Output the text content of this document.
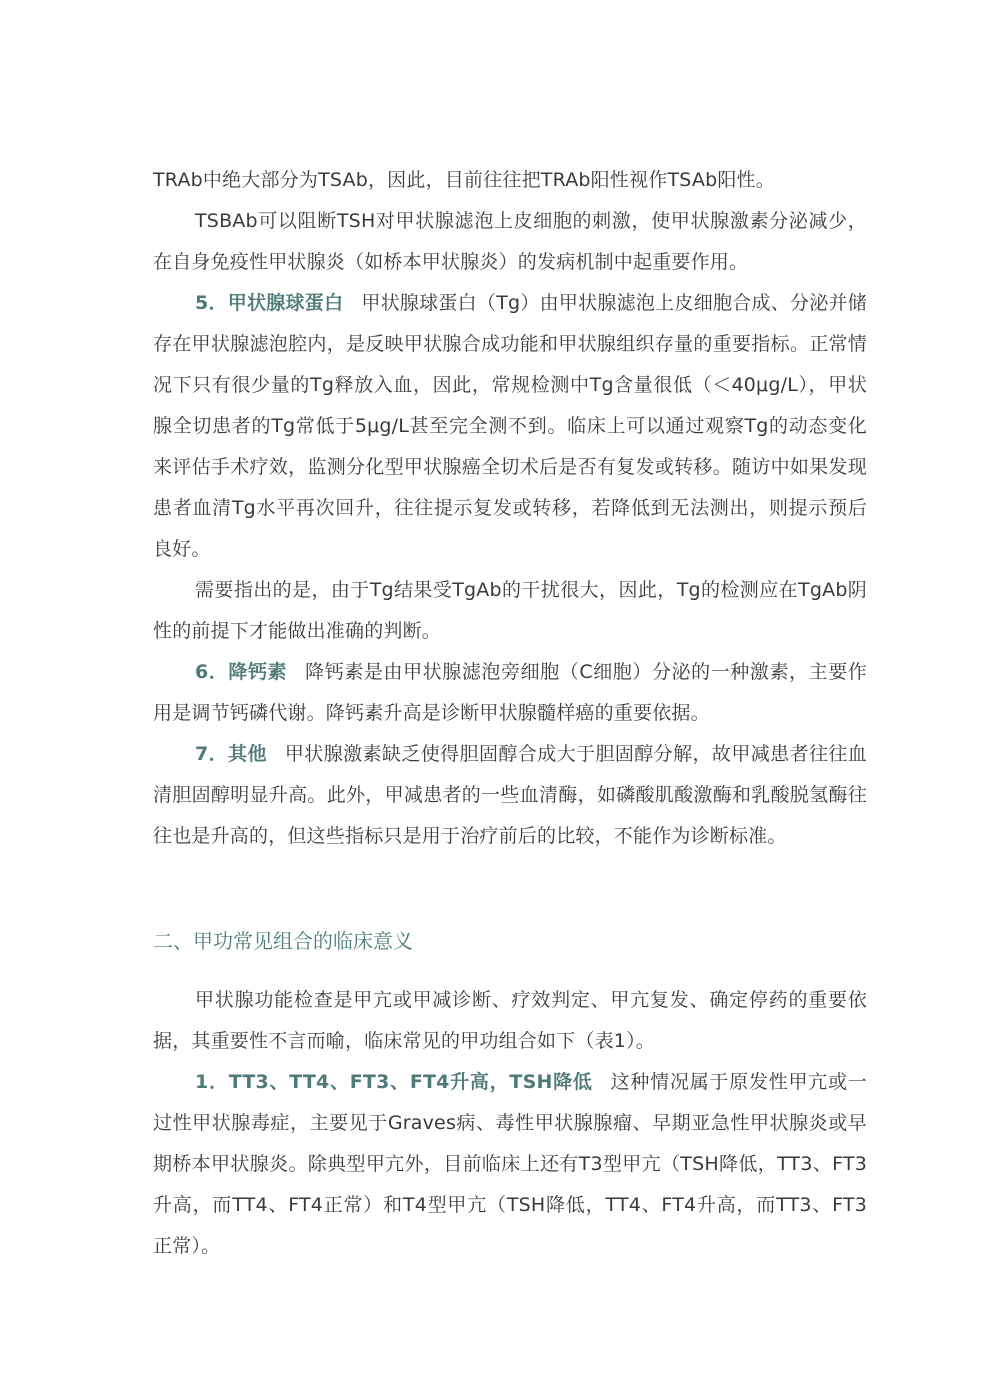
TRAb中绝大部分为TSAb，因此，目前往往把TRAb阳性视作TSAb阳性。

TSBAb可以阻断TSH对甲状腺滤泡上皮细胞的刺激，使甲状腺激素分泌减少，在自身免疫性甲状腺炎（如桥本甲状腺炎）的发病机制中起重要作用。

5．甲状腺球蛋白 甲状腺球蛋白（Tg）由甲状腺滤泡上皮细胞合成、分泌并储存在甲状腺滤泡腔内，是反映甲状腺合成功能和甲状腺组织存量的重要指标。正常情况下只有很少量的Tg释放入血，因此，常规检测中Tg含量很低（＜40μg/L），甲状腺全切患者的Tg常低于5μg/L甚至完全测不到。临床上可以通过观察Tg的动态变化来评估手术疗效，监测分化型甲状腺癌全切术后是否有复发或转移。随访中如果发现患者血清Tg水平再次回升，往往提示复发或转移，若降低到无法测出，则提示预后良好。

需要指出的是，由于Tg结果受TgAb的干扰很大，因此，Tg的检测应在TgAb阴性的前提下才能做出准确的判断。

6．降钙素 降钙素是由甲状腺滤泡旁细胞（C细胞）分泌的一种激素，主要作用是调节钙磷代谢。降钙素升高是诊断甲状腺髓样癌的重要依据。

7．其他 甲状腺激素缺乏使得胆固醇合成大于胆固醇分解，故甲减患者往往血清胆固醇明显升高。此外，甲减患者的一些血清酶，如磷酸肌酸激酶和乳酸脱氢酶往往也是升高的，但这些指标只是用于治疗前后的比较，不能作为诊断标准。

二、甲功常见组合的临床意义

甲状腺功能检查是甲亢或甲减诊断、疗效判定、甲亢复发、确定停药的重要依据，其重要性不言而喻，临床常见的甲功组合如下（表1）。

1．TT3、TT4、FT3、FT4升高，TSH降低 这种情况属于原发性甲亢或一过性甲状腺毒症，主要见于Graves病、毒性甲状腺腺瘤、早期亚急性甲状腺炎或早期桥本甲状腺炎。除典型甲亢外，目前临床上还有T3型甲亢（TSH降低，TT3、FT3升高，而TT4、FT4正常）和T4型甲亢（TSH降低，TT4、FT4升高，而TT3、FT3正常）。
